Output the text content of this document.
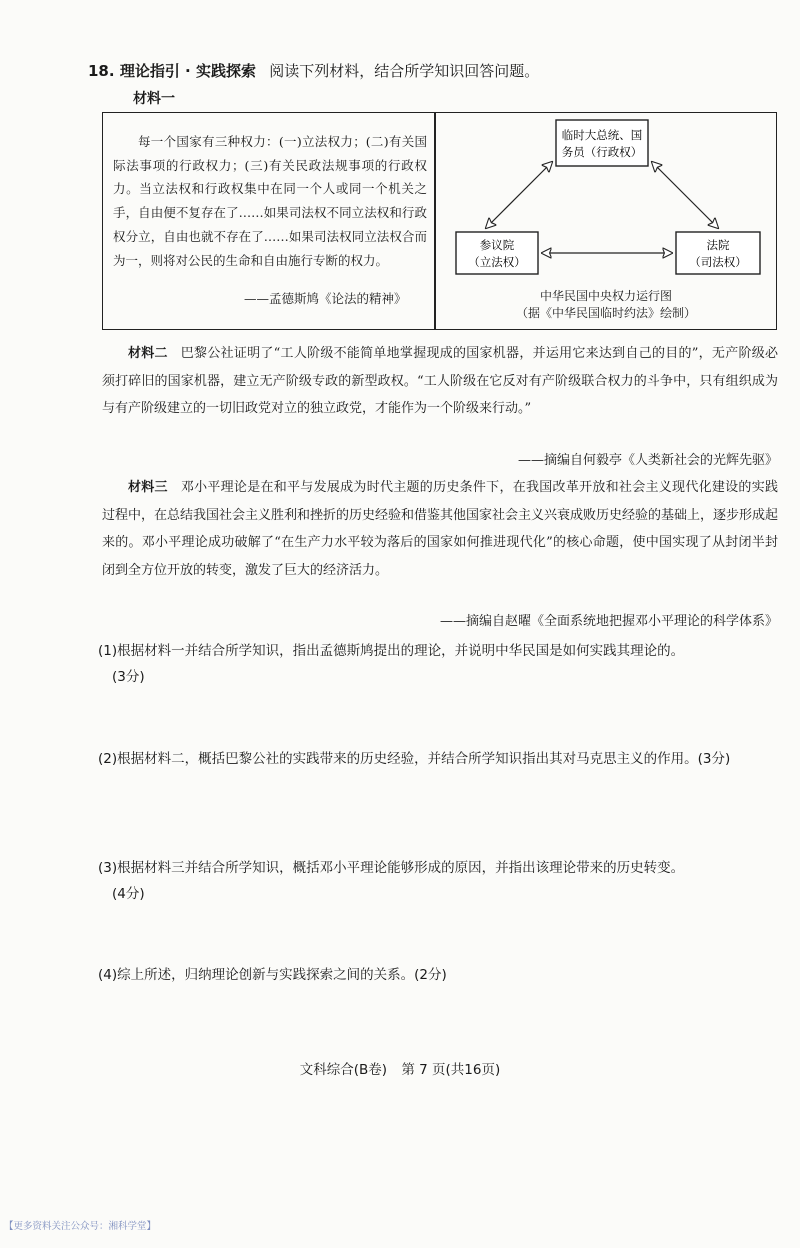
18. 理论指引 · 实践探索 阅读下列材料，结合所学知识回答问题。
材料一

每一个国家有三种权力：(一)立法权力；(二)有关国际法事项的行政权力；(三)有关民政法规事项的行政权力。当立法权和行政权集中在同一个人或同一个机关之手，自由便不复存在了……如果司法权不同立法权和行政权分立，自由也就不存在了……如果司法权同立法权合而为一，则将对公民的生命和自由施行专断的权力。

——孟德斯鸠《论法的精神》
临时大总统、国
务员（行政权）
参议院
（立法权）
法院
（司法权）
中华民国中央权力运行图
（据《中华民国临时约法》绘制）
材料二 巴黎公社证明了“工人阶级不能简单地掌握现成的国家机器，并运用它来达到自己的目的”，无产阶级必须打碎旧的国家机器，建立无产阶级专政的新型政权。“工人阶级在它反对有产阶级联合权力的斗争中，只有组织成为与有产阶级建立的一切旧政党对立的独立政党，才能作为一个阶级来行动。”
——摘编自何毅亭《人类新社会的光辉先驱》
材料三 邓小平理论是在和平与发展成为时代主题的历史条件下，在我国改革开放和社会主义现代化建设的实践过程中，在总结我国社会主义胜利和挫折的历史经验和借鉴其他国家社会主义兴衰成败历史经验的基础上，逐步形成起来的。邓小平理论成功破解了“在生产力水平较为落后的国家如何推进现代化”的核心命题，使中国实现了从封闭半封闭到全方位开放的转变，激发了巨大的经济活力。
——摘编自赵曜《全面系统地把握邓小平理论的科学体系》
(1)根据材料一并结合所学知识，指出孟德斯鸠提出的理论，并说明中华民国是如何实践其理论的。
(3分)
(2)根据材料二，概括巴黎公社的实践带来的历史经验，并结合所学知识指出其对马克思主义的作用。(3分)
(3)根据材料三并结合所学知识，概括邓小平理论能够形成的原因，并指出该理论带来的历史转变。
(4分)
(4)综上所述，归纳理论创新与实践探索之间的关系。(2分)
文科综合(B卷) 第 7 页(共16页)
【更多资料关注公众号：湘科学堂】
